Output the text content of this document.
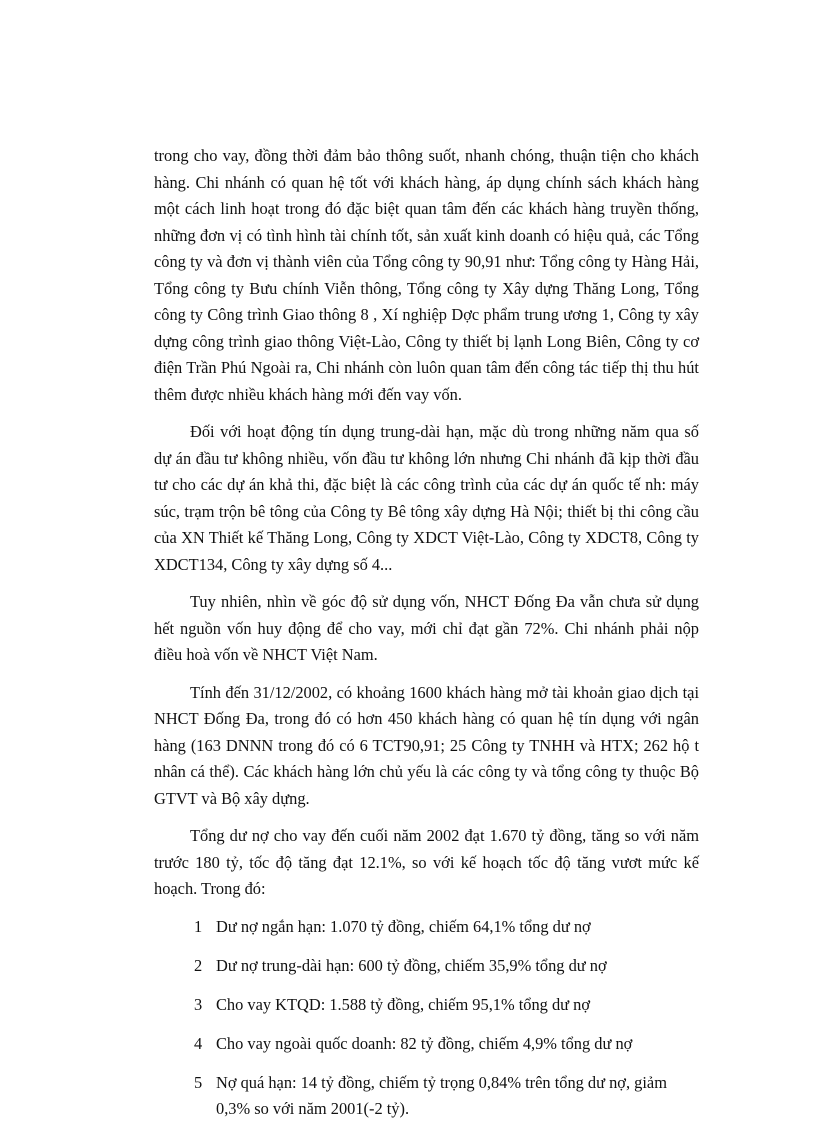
trong cho vay, đồng thời đảm bảo thông suốt, nhanh chóng, thuận tiện cho khách hàng. Chi nhánh có quan hệ tốt với khách hàng, áp dụng chính sách khách hàng một cách linh hoạt trong đó đặc biệt quan tâm đến các khách hàng truyền thống, những đơn vị có tình hình tài chính tốt, sản xuất kinh doanh có hiệu quả, các Tổng công ty và đơn vị thành viên của Tổng công ty 90,91 như: Tổng công ty Hàng Hải, Tổng công ty Bưu chính Viễn thông, Tổng công ty Xây dựng Thăng Long, Tổng công ty Công trình Giao thông 8 , Xí nghiệp Dợc phẩm trung ương 1, Công ty xây dựng công trình giao thông Việt-Lào, Công ty thiết bị lạnh Long Biên, Công ty cơ điện Trần Phú Ngoài ra, Chi nhánh còn luôn quan tâm đến công tác tiếp thị thu hút thêm được nhiều khách hàng mới đến vay vốn.

Đối với hoạt động tín dụng trung-dài hạn, mặc dù trong những năm qua số dự án đầu tư không nhiều, vốn đầu tư không lớn nhưng Chi nhánh đã kịp thời đầu tư cho các dự án khả thi, đặc biệt là các công trình của các dự án quốc tế nh: máy súc, trạm trộn bê tông của Công ty Bê tông xây dựng Hà Nội; thiết bị thi công cầu của XN Thiết kế Thăng Long, Công ty XDCT Việt-Lào, Công ty XDCT8, Công ty XDCT134, Công ty xây dựng số 4...

Tuy nhiên, nhìn về góc độ sử dụng vốn, NHCT Đống Đa vẫn chưa sử dụng hết nguồn vốn huy động để cho vay, mới chỉ đạt gần 72%. Chi nhánh phải nộp điều hoà vốn về NHCT Việt Nam.

Tính đến 31/12/2002, có khoảng 1600 khách hàng mở tài khoản giao dịch tại NHCT Đống Đa, trong đó có hơn 450 khách hàng có quan hệ tín dụng với ngân hàng (163 DNNN trong đó có 6 TCT90,91; 25 Công ty TNHH và HTX; 262 hộ t nhân cá thể). Các khách hàng lớn chủ yếu là các công ty và tổng công ty thuộc Bộ GTVT và Bộ xây dựng.

Tổng dư nợ cho vay đến cuối năm 2002 đạt 1.670 tỷ đồng, tăng so với năm trước 180 tỷ, tốc độ tăng đạt 12.1%, so với kế hoạch tốc độ tăng vươt mức kế hoạch. Trong đó:

1 Dư nợ ngắn hạn: 1.070 tỷ đồng, chiếm 64,1% tổng dư nợ
2 Dư nợ trung-dài hạn: 600 tỷ đồng, chiếm 35,9% tổng dư nợ
3 Cho vay KTQD: 1.588 tỷ đồng, chiếm 95,1% tổng dư nợ
4 Cho vay ngoài quốc doanh: 82 tỷ đồng, chiếm 4,9% tổng dư nợ
5 Nợ quá hạn: 14 tỷ đồng, chiếm tỷ trọng 0,84% trên tổng dư nợ, giảm 0,3% so với năm 2001(-2 tỷ).
